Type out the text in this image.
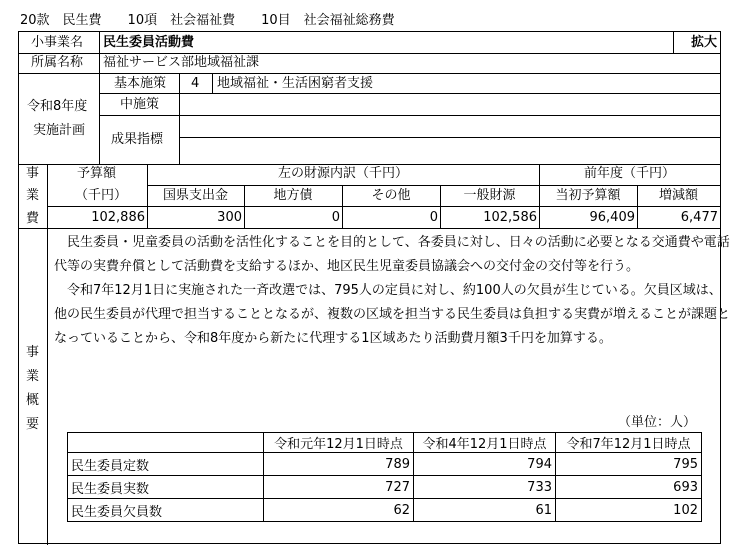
20款　民生費　　10項　社会福祉費　　10目　社会福祉総務費
小事業名 民生委員活動費	拡大
所属名称 福祉サービス部地域福祉課
令和8年度
実施計画
基本施策 4 地域福祉・生活困窮者支援
中施策
成果指標
事
業
費
予算額
（千円）
左の財源内訳（千円）
国県支出金	地方債	その他	一般財源
前年度（千円）
当初予算額	増減額
102,886	300	0	0	102,586	96,409	6,477
事
業
概
要

　民生委員・児童委員の活動を活性化することを目的として、各委員に対し、日々の活動に必要となる交通費や電話代等の実費弁償として活動費を支給するほか、地区民生児童委員協議会への交付金の交付等を行う。

　令和7年12月1日に実施された一斉改選では、795人の定員に対し、約100人の欠員が生じている。欠員区域は、他の民生委員が代理で担当することとなるが、複数の区域を担当する民生委員は負担する実費が増えることが課題となっていることから、令和8年度から新たに代理する1区域あたり活動費月額3千円を加算する。

（単位：人）
	令和元年12月1日時点	令和4年12月1日時点	令和7年12月1日時点
民生委員定数	789	794	795
民生委員実数	727	733	693
民生委員欠員数	62	61	102
